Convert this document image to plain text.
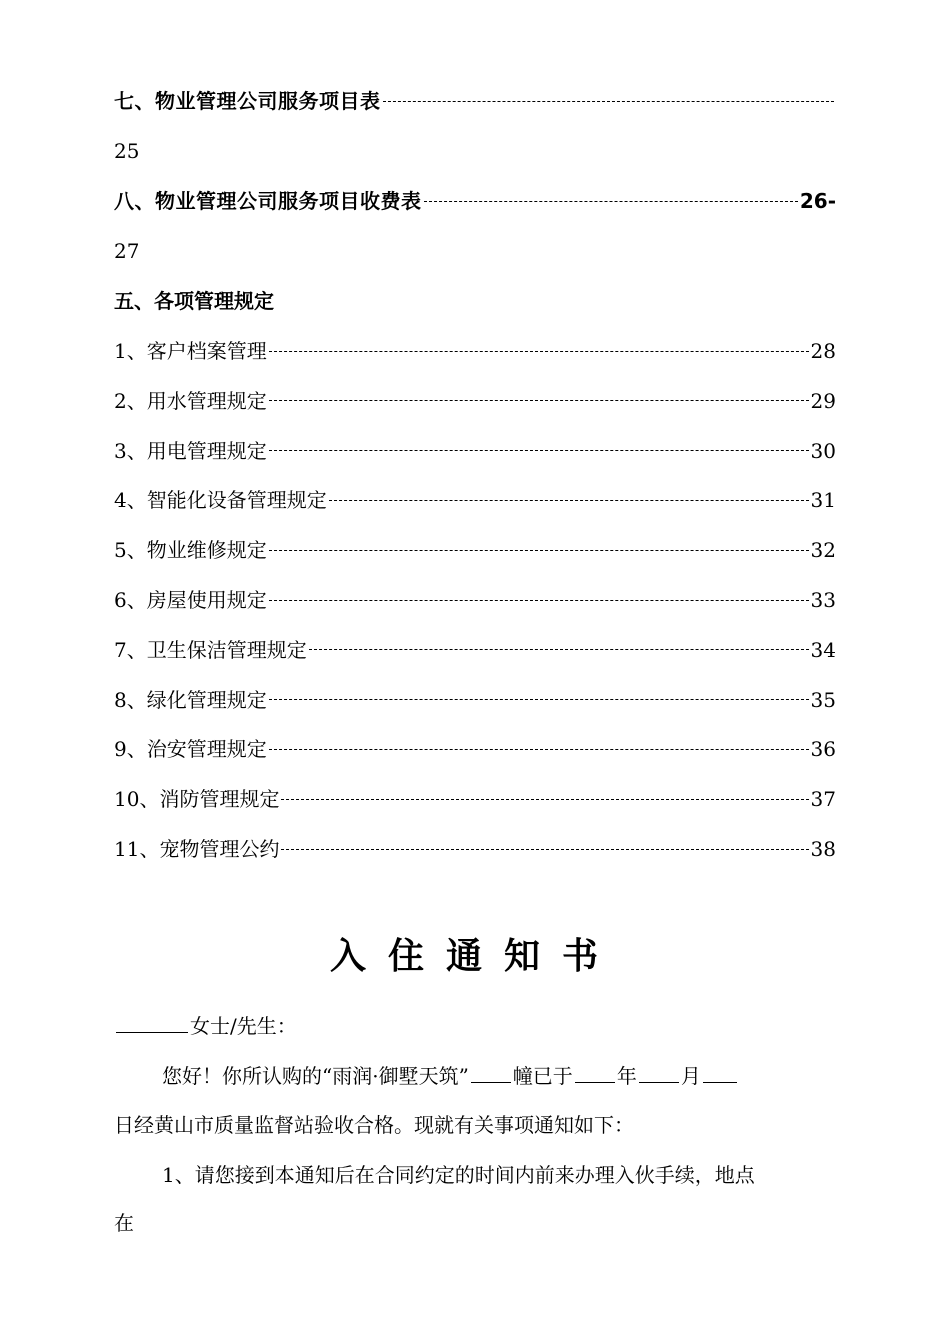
七、物业管理公司服务项目表
25
八、物业管理公司服务项目收费表	26-
27
五、各项管理规定
1、客户档案管理	28
2、用水管理规定	29
3、用电管理规定	30
4、智能化设备管理规定	31
5、物业维修规定	32
6、房屋使用规定	33
7、卫生保洁管理规定	34
8、绿化管理规定	35
9、治安管理规定	36
10、消防管理规定	37
11、宠物管理公约	38
入住通知书
女士/先生：
您好！你所认购的“雨润·御墅天筑” 幢已于 年 月
日经黄山市质量监督站验收合格。现就有关事项通知如下：
1、请您接到本通知后在合同约定的时间内前来办理入伙手续，地点
在
